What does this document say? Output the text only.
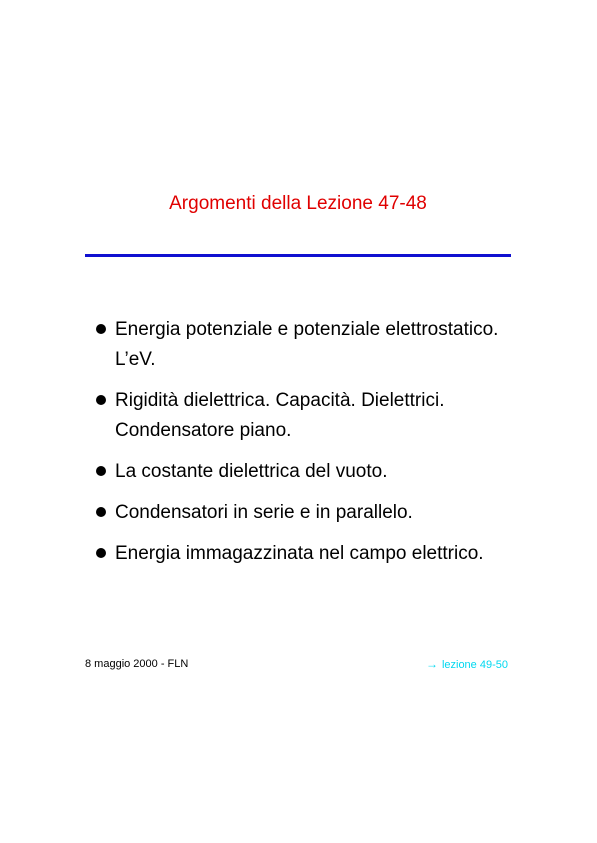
Argomenti della Lezione 47-48
Energia potenziale e potenziale elettrostatico. L’eV.
Rigidità dielettrica. Capacità. Dielettrici. Condensatore piano.
La costante dielettrica del vuoto.
Condensatori in serie e in parallelo.
Energia immagazzinata nel campo elettrico.
8 maggio 2000 - FLN	→ lezione 49-50
